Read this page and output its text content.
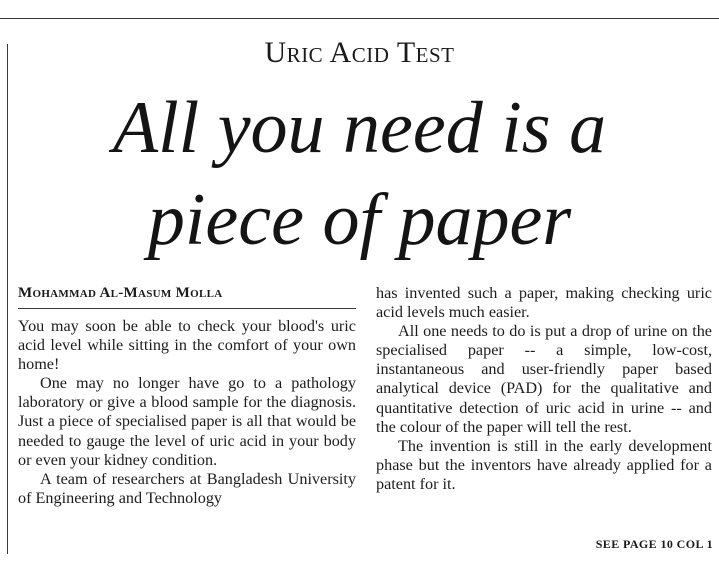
Uric Acid Test
All you need is a
piece of paper
Mohammad Al-Masum Molla

You may soon be able to check your blood's uric acid level while sitting in the comfort of your own home!

One may no longer have go to a pathology laboratory or give a blood sample for the diagnosis. Just a piece of specialised paper is all that would be needed to gauge the level of uric acid in your body or even your kidney condition.

A team of researchers at Bangladesh University of Engineering and Technology

has invented such a paper, making checking uric acid levels much easier.

All one needs to do is put a drop of urine on the specialised paper -- a simple, low-cost, instantaneous and user-friendly paper based analytical device (PAD) for the qualitative and quantitative detection of uric acid in urine -- and the colour of the paper will tell the rest.

The invention is still in the early development phase but the inventors have already applied for a patent for it.

SEE PAGE 10 COL 1
